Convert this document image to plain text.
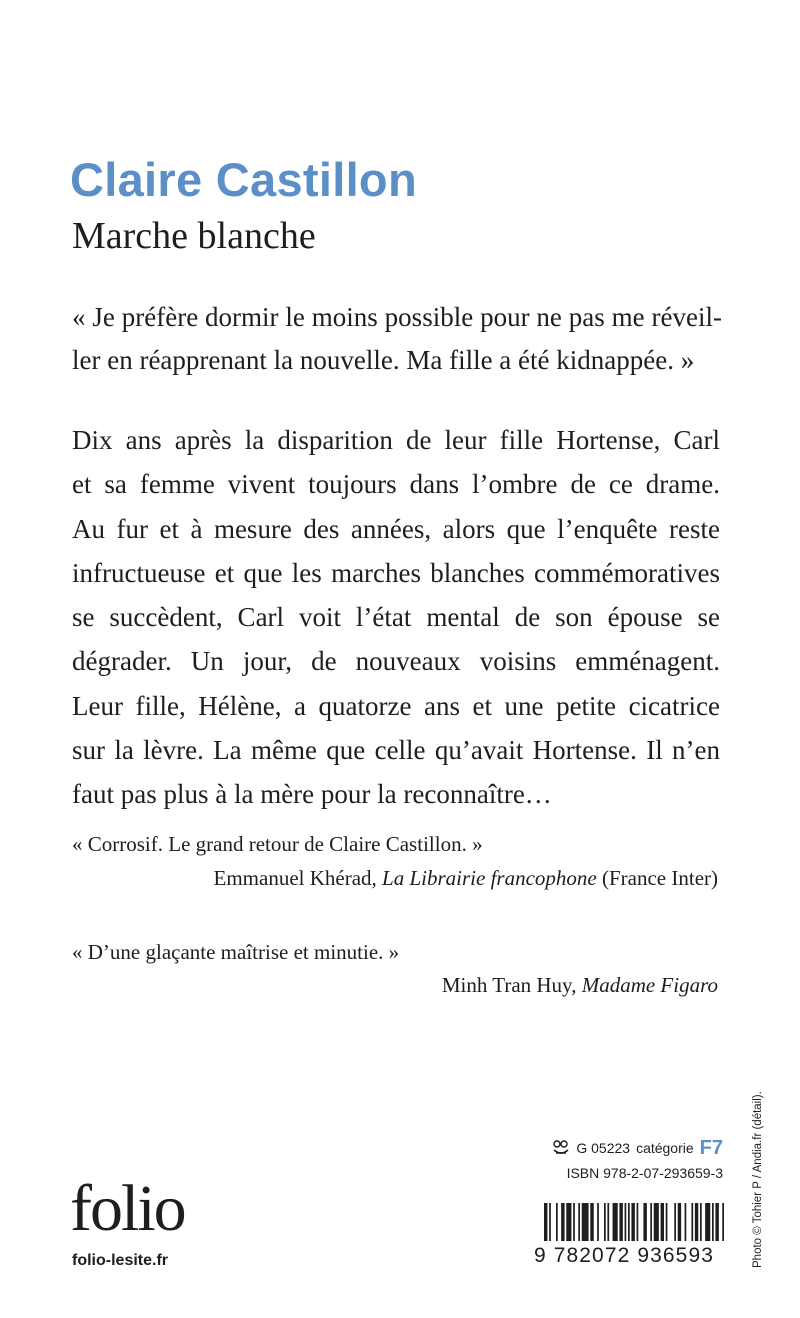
Claire Castillon
Marche blanche

« Je préfère dormir le moins possible pour ne pas me réveil-
ler en réapprenant la nouvelle. Ma fille a été kidnappée. »

Dix ans après la disparition de leur fille Hortense, Carl
et sa femme vivent toujours dans l’ombre de ce drame.
Au fur et à mesure des années, alors que l’enquête reste
infructueuse et que les marches blanches commémoratives
se succèdent, Carl voit l’état mental de son épouse se
dégrader. Un jour, de nouveaux voisins emménagent.
Leur fille, Hélène, a quatorze ans et une petite cicatrice
sur la lèvre. La même que celle qu’avait Hortense. Il n’en
faut pas plus à la mère pour la reconnaître…

« Corrosif. Le grand retour de Claire Castillon. »

Emmanuel Khérad, La Librairie francophone (France Inter)

« D’une glaçante maîtrise et minutie. »

Minh Tran Huy, Madame Figaro

folio

folio-lesite.fr

G 05223 catégorie F7
ISBN 978-2-07-293659-3
9 782072 936593	Photo © Tohier P / Andia.fr (détail).
